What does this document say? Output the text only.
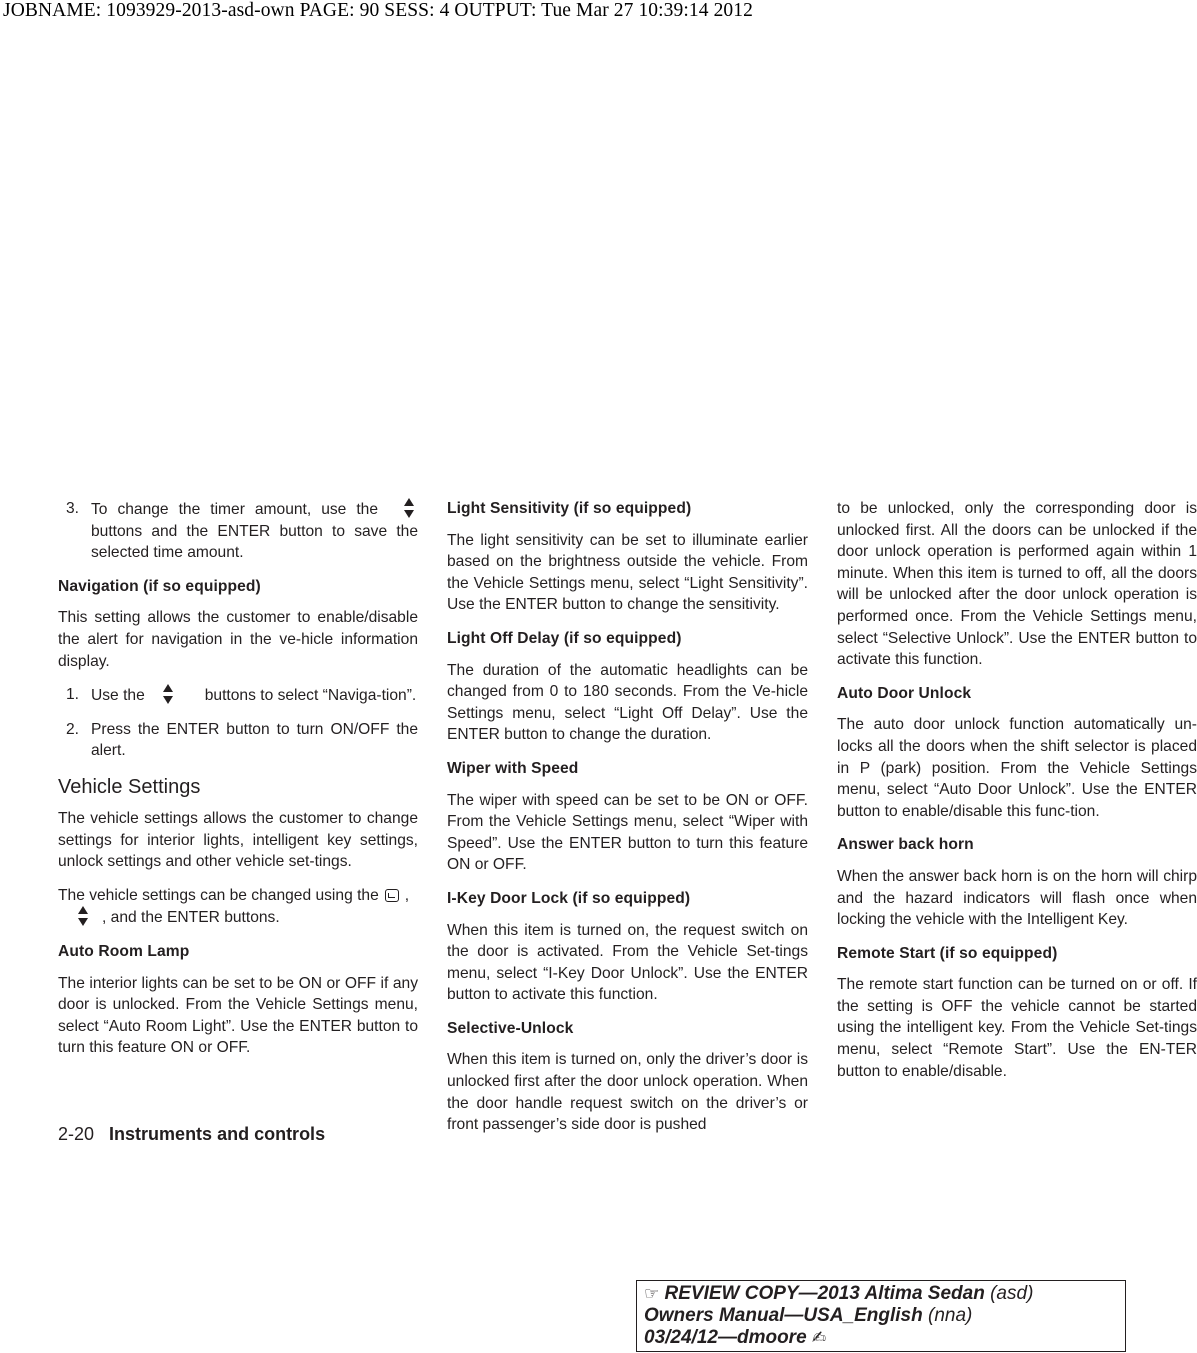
JOBNAME: 1093929-2013-asd-own PAGE: 90 SESS: 4 OUTPUT: Tue Mar 27 10:39:14 2012
3. To change the timer amount, use the buttons and the ENTER button to save the selected time amount.
Navigation (if so equipped)

This setting allows the customer to enable/disable the alert for navigation in the ve-hicle information display.

1. Use the	buttons to select “Naviga-tion”.
2. Press the ENTER button to turn ON/OFF the alert.
Vehicle Settings

The vehicle settings allows the customer to change settings for interior lights, intelligent key settings, unlock settings and other vehicle set-tings.

The vehicle settings can be changed using the ,, and the ENTER buttons.

Auto Room Lamp

The interior lights can be set to be ON or OFF if any door is unlocked. From the Vehicle Settings menu, select “Auto Room Light”. Use the ENTER button to turn this feature ON or OFF.

Light Sensitivity (if so equipped)

The light sensitivity can be set to illuminate earlier based on the brightness outside the vehicle. From the Vehicle Settings menu, select “Light Sensitivity”. Use the ENTER button to change the sensitivity.

Light Off Delay (if so equipped)

The duration of the automatic headlights can be changed from 0 to 180 seconds. From the Ve-hicle Settings menu, select “Light Off Delay”. Use the ENTER button to change the duration.

Wiper with Speed

The wiper with speed can be set to be ON or OFF. From the Vehicle Settings menu, select “Wiper with Speed”. Use the ENTER button to turn this feature ON or OFF.

I-Key Door Lock (if so equipped)

When this item is turned on, the request switch on the door is activated. From the Vehicle Set-tings menu, select “I-Key Door Unlock”. Use the ENTER button to activate this function.

Selective-Unlock

When this item is turned on, only the driver’s door is unlocked first after the door unlock operation. When the door handle request switch on the driver’s or front passenger’s side door is pushed

to be unlocked, only the corresponding door is unlocked first. All the doors can be unlocked if the door unlock operation is performed again within 1 minute. When this item is turned to off, all the doors will be unlocked after the door unlock operation is performed once. From the Vehicle Settings menu, select “Selective Unlock”. Use the ENTER button to activate this function.

Auto Door Unlock

The auto door unlock function automatically un-locks all the doors when the shift selector is placed in P (park) position. From the Vehicle Settings menu, select “Auto Door Unlock”. Use the ENTER button to enable/disable this func-tion.

Answer back horn

When the answer back horn is on the horn will chirp and the hazard indicators will flash once when locking the vehicle with the Intelligent Key.

Remote Start (if so equipped)

The remote start function can be turned on or off. If the setting is OFF the vehicle cannot be started using the intelligent key. From the Vehicle Set-tings menu, select “Remote Start”. Use the EN-TER button to enable/disable.

2-20 Instruments and controls
☞ REVIEW COPY—2013 Altima Sedan (asd)
Owners Manual—USA_English (nna)
03/24/12—dmoore ✍
